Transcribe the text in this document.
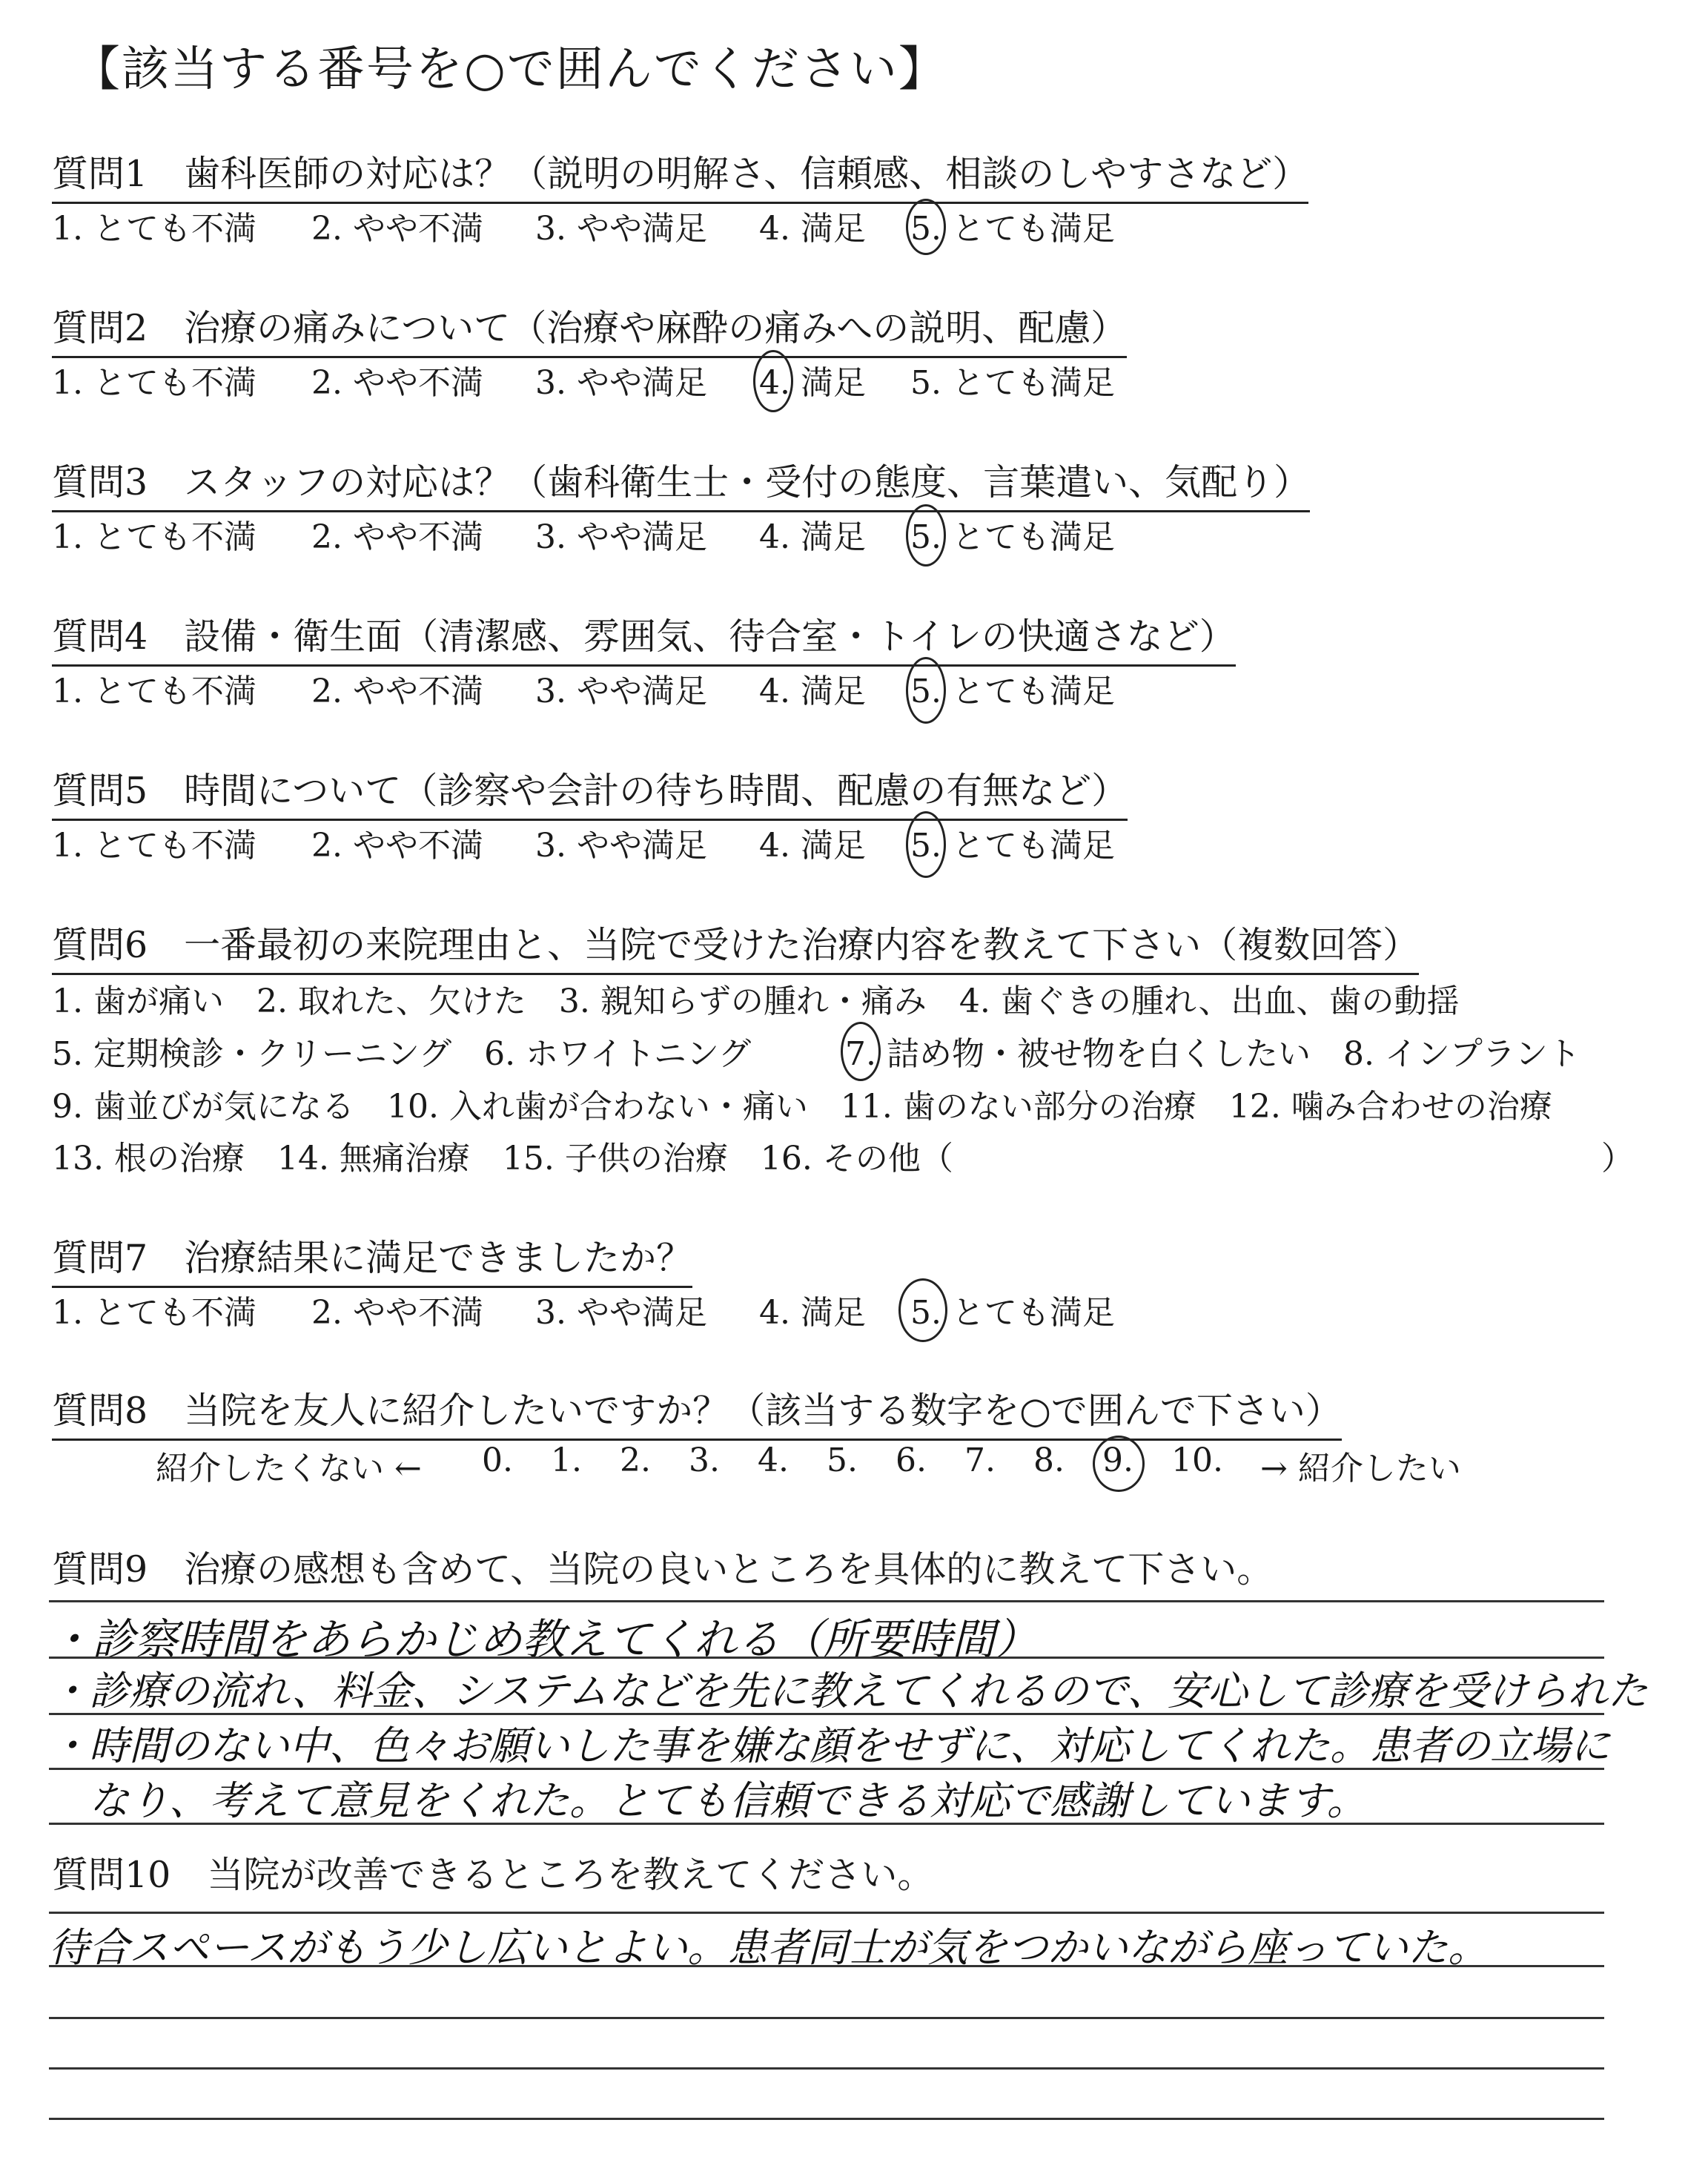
【該当する番号を○で囲んでください】
質問1　歯科医師の対応は？（説明の明解さ、信頼感、相談のしやすさなど）
1. とても不満 2. やや不満 3. やや満足 4. 満足 5. とても満足
質問2　治療の痛みについて（治療や麻酔の痛みへの説明、配慮）
1. とても不満 2. やや不満 3. やや満足 4. 満足 5. とても満足
質問3　スタッフの対応は？（歯科衛生士・受付の態度、言葉遣い、気配り）
1. とても不満 2. やや不満 3. やや満足 4. 満足 5. とても満足
質問4　設備・衛生面（清潔感、雰囲気、待合室・トイレの快適さなど）
1. とても不満 2. やや不満 3. やや満足 4. 満足 5. とても満足
質問5　時間について（診察や会計の待ち時間、配慮の有無など）
1. とても不満 2. やや不満 3. やや満足 4. 満足 5. とても満足
質問6　一番最初の来院理由と、当院で受けた治療内容を教えて下さい（複数回答）
1. 歯が痛い　2. 取れた、欠けた　3. 親知らずの腫れ・痛み　4. 歯ぐきの腫れ、出血、歯の動揺
5. 定期検診・クリーニング　6. ホワイトニング	7. 詰め物・被せ物を白くしたい　8. インプラント
9. 歯並びが気になる　10. 入れ歯が合わない・痛い　11. 歯のない部分の治療　12. 噛み合わせの治療
13. 根の治療　14. 無痛治療　15. 子供の治療　16. その他（	）
質問7　治療結果に満足できましたか？
1. とても不満 2. やや不満 3. やや満足 4. 満足 5. とても満足
質問8　当院を友人に紹介したいですか？（該当する数字を○で囲んで下さい）
紹介したくない ← 0. 1. 2. 3. 4. 5. 6. 7. 8. 9. 10. → 紹介したい
質問9　治療の感想も含めて、当院の良いところを具体的に教えて下さい。
・診察時間をあらかじめ教えてくれる（所要時間）
・診療の流れ、料金、システムなどを先に教えてくれるので、安心して診療を受けられた
・時間のない中、色々お願いした事を嫌な顔をせずに、対応してくれた。患者の立場に
　なり、考えて意見をくれた。とても信頼できる対応で感謝しています。
質問10　当院が改善できるところを教えてください。
待合スペースがもう少し広いとよい。患者同士が気をつかいながら座っていた。
